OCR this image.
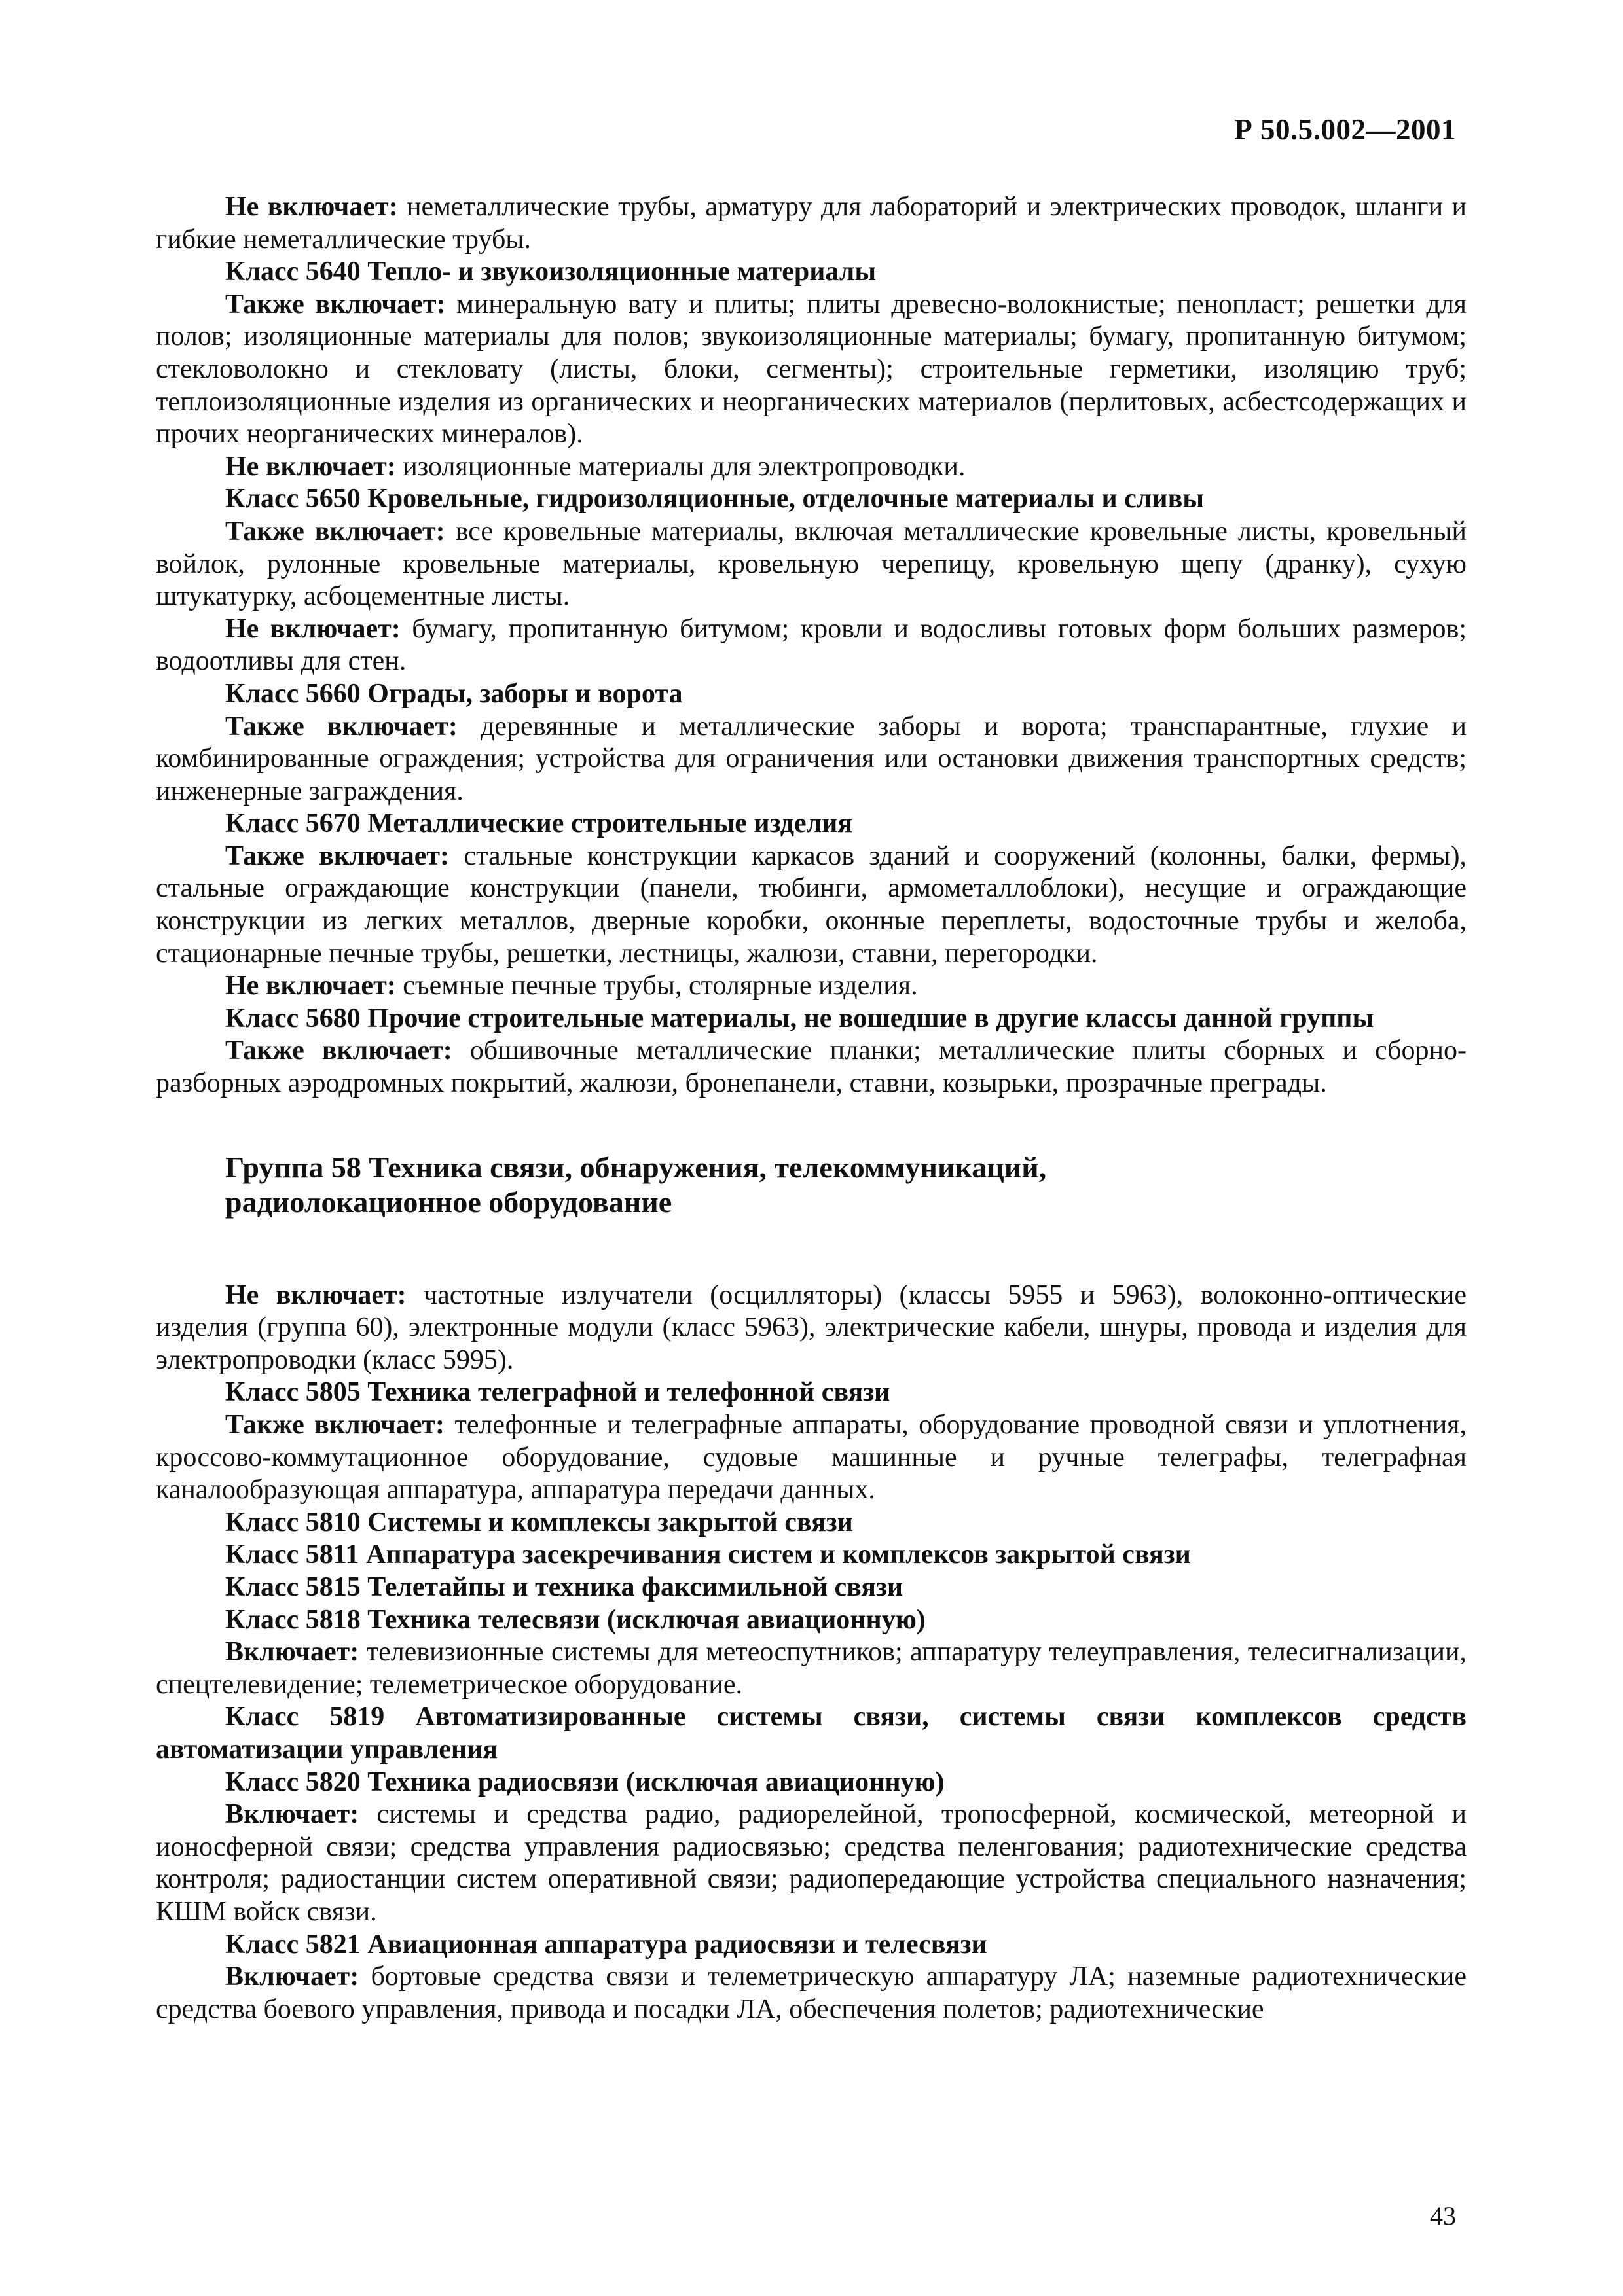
Р 50.5.002—2001

Не включает: неметаллические трубы, арматуру для лабораторий и электрических проводок, шланги и гибкие неметаллические трубы.

Класс 5640 Тепло- и звукоизоляционные материалы

Также включает: минеральную вату и плиты; плиты древесно-волокнистые; пенопласт; решетки для полов; изоляционные материалы для полов; звукоизоляционные материалы; бумагу, пропитанную битумом; стекловолокно и стекловату (листы, блоки, сегменты); строительные герметики, изоляцию труб; теплоизоляционные изделия из органических и неорганических материалов (перлитовых, асбестсодержащих и прочих неорганических минералов).

Не включает: изоляционные материалы для электропроводки.

Класс 5650 Кровельные, гидроизоляционные, отделочные материалы и сливы

Также включает: все кровельные материалы, включая металлические кровельные листы, кровельный войлок, рулонные кровельные материалы, кровельную черепицу, кровельную щепу (дранку), сухую штукатурку, асбоцементные листы.

Не включает: бумагу, пропитанную битумом; кровли и водосливы готовых форм больших размеров; водоотливы для стен.

Класс 5660 Ограды, заборы и ворота

Также включает: деревянные и металлические заборы и ворота; транспарантные, глухие и комбинированные ограждения; устройства для ограничения или остановки движения транспортных средств; инженерные заграждения.

Класс 5670 Металлические строительные изделия

Также включает: стальные конструкции каркасов зданий и сооружений (колонны, балки, фермы), стальные ограждающие конструкции (панели, тюбинги, армометаллоблоки), несущие и ограждающие конструкции из легких металлов, дверные коробки, оконные переплеты, водосточные трубы и желоба, стационарные печные трубы, решетки, лестницы, жалюзи, ставни, перегородки.

Не включает: съемные печные трубы, столярные изделия.

Класс 5680 Прочие строительные материалы, не вошедшие в другие классы данной группы

Также включает: обшивочные металлические планки; металлические плиты сборных и сборно-разборных аэродромных покрытий, жалюзи, бронепанели, ставни, козырьки, прозрачные преграды.

Группа 58 Техника связи, обнаружения, телекоммуникаций, радиолокационное оборудование

Не включает: частотные излучатели (осцилляторы) (классы 5955 и 5963), волоконно-оптические изделия (группа 60), электронные модули (класс 5963), электрические кабели, шнуры, провода и изделия для электропроводки (класс 5995).

Класс 5805 Техника телеграфной и телефонной связи

Также включает: телефонные и телеграфные аппараты, оборудование проводной связи и уплотнения, кроссово-коммутационное оборудование, судовые машинные и ручные телеграфы, телеграфная каналообразующая аппаратура, аппаратура передачи данных.

Класс 5810 Системы и комплексы закрытой связи

Класс 5811 Аппаратура засекречивания систем и комплексов закрытой связи

Класс 5815 Телетайпы и техника факсимильной связи

Класс 5818 Техника телесвязи (исключая авиационную)

Включает: телевизионные системы для метеоспутников; аппаратуру телеуправления, телесигнализации, спецтелевидение; телеметрическое оборудование.

Класс 5819 Автоматизированные системы связи, системы связи комплексов средств автоматизации управления

Класс 5820 Техника радиосвязи (исключая авиационную)

Включает: системы и средства радио, радиорелейной, тропосферной, космической, метеорной и ионосферной связи; средства управления радиосвязью; средства пеленгования; радиотехнические средства контроля; радиостанции систем оперативной связи; радиопередающие устройства специального назначения; КШМ войск связи.

Класс 5821 Авиационная аппаратура радиосвязи и телесвязи

Включает: бортовые средства связи и телеметрическую аппаратуру ЛА; наземные радиотехнические средства боевого управления, привода и посадки ЛА, обеспечения полетов; радиотехнические

43
